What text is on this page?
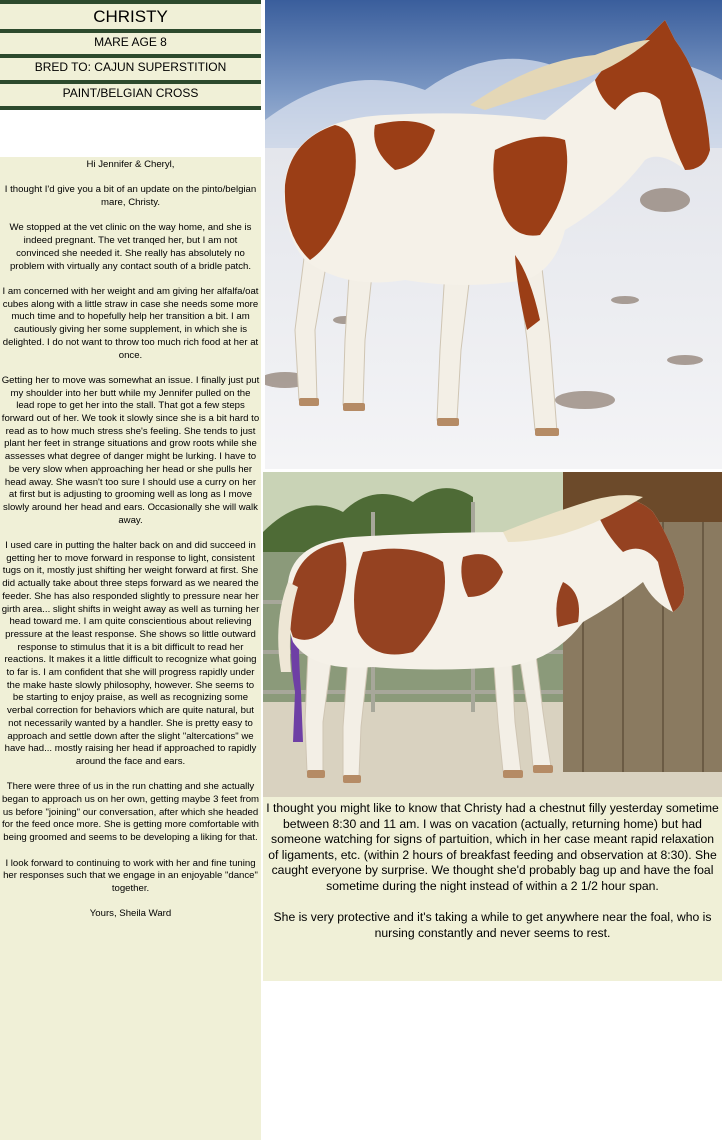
CHRISTY
MARE AGE 8
BRED TO: CAJUN SUPERSTITION
PAINT/BELGIAN CROSS

Hi Jennifer & Cheryl,

I thought I'd give you a bit of an update on the pinto/belgian mare, Christy.

We stopped at the vet clinic on the way home, and she is indeed pregnant. The vet tranqed her, but I am not convinced she needed it. She really has absolutely no problem with virtually any contact south of a bridle patch.

I am concerned with her weight and am giving her alfalfa/oat cubes along with a little straw in case she needs some more much time and to hopefully help her transition a bit. I am cautiously giving her some supplement, in which she is delighted. I do not want to throw too much rich food at her at once.

Getting her to move was somewhat an issue. I finally just put my shoulder into her butt while my Jennifer pulled on the lead rope to get her into the stall. That got a few steps forward out of her. We took it slowly since she is a bit hard to read as to how much stress she's feeling. She tends to just plant her feet in strange situations and grow roots while she assesses what degree of danger might be lurking. I have to be very slow when approaching her head or she pulls her head away. She wasn't too sure I should use a curry on her at first but is adjusting to grooming well as long as I move slowly around her head and ears. Occasionally she will walk away.

I used care in putting the halter back on and did succeed in getting her to move forward in response to light, consistent tugs on it, mostly just shifting her weight forward at first. She did actually take about three steps forward as we neared the feeder. She has also responded slightly to pressure near her girth area... slight shifts in weight away as well as turning her head toward me. I am quite conscientious about relieving pressure at the least response. She shows so little outward response to stimulus that it is a bit difficult to read her reactions. It makes it a little difficult to recognize what going to far is. I am confident that she will progress rapidly under the make haste slowly philosophy, however. She seems to be starting to enjoy praise, as well as recognizing some verbal correction for behaviors which are quite natural, but not necessarily wanted by a handler. She is pretty easy to approach and settle down after the slight "altercations" we have had... mostly raising her head if approached to rapidly around the face and ears.

There were three of us in the run chatting and she actually began to approach us on her own, getting maybe 3 feet from us before "joining" our conversation, after which she headed for the feed once more. She is getting more comfortable with being groomed and seems to be developing a liking for that.

I look forward to continuing to work with her and fine tuning her responses such that we engage in an enjoyable "dance" together.

Yours, Sheila Ward

I thought you might like to know that Christy had a chestnut filly yesterday sometime between 8:30 and 11 am. I was on vacation (actually, returning home) but had someone watching for signs of partuition, which in her case meant rapid relaxation of ligaments, etc. (within 2 hours of breakfast feeding and observation at 8:30). She caught everyone by surprise. We thought she'd probably bag up and have the foal sometime during the night instead of within a 2 1/2 hour span.

She is very protective and it's taking a while to get anywhere near the foal, who is nursing constantly and never seems to rest.
